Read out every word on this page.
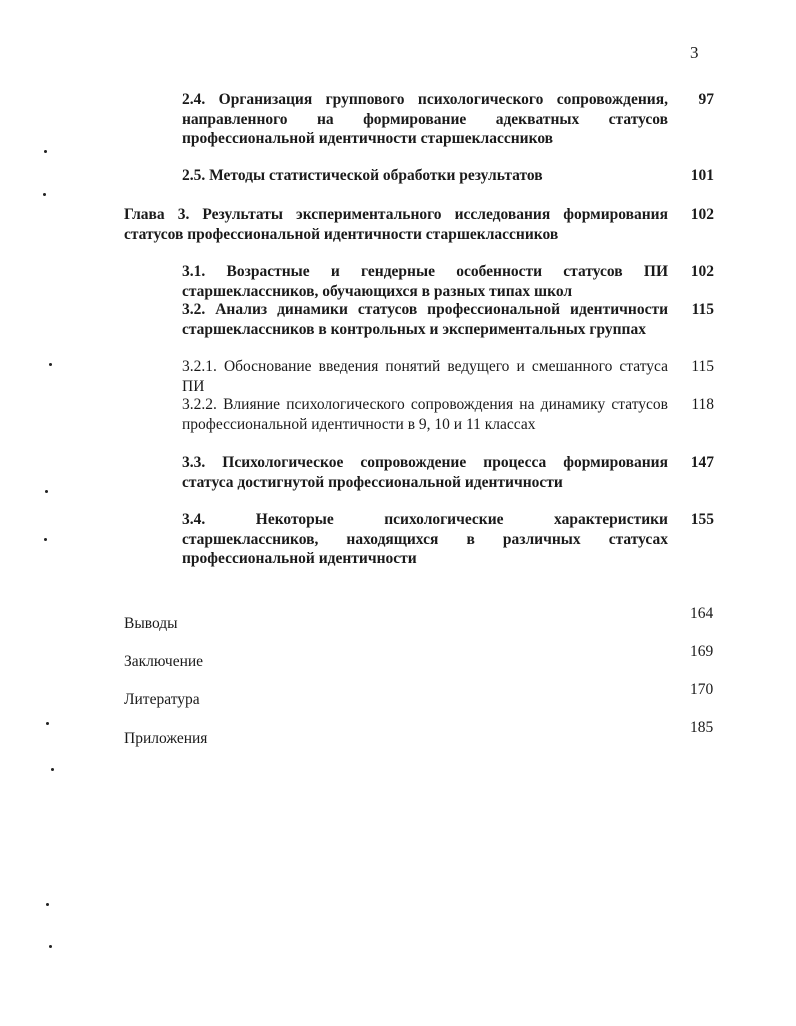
3
2.4. Организация группового психологического сопровождения, направленного на формирование адекватных статусов профессиональной идентичности старшеклассников
97
2.5. Методы статистической обработки результатов	101
Глава 3. Результаты экспериментального исследования формирования статусов профессиональной идентичности старшеклассников
102
3.1. Возрастные и гендерные особенности статусов ПИ старшеклассников, обучающихся в разных типах школ
102
3.2. Анализ динамики статусов профессиональной идентичности старшеклассников в контрольных и экспериментальных группах
115
3.2.1. Обоснование введения понятий ведущего и смешанного статуса ПИ
115
3.2.2. Влияние психологического сопровождения на динамику статусов профессиональной идентичности в 9, 10 и 11 классах
118
3.3. Психологическое сопровождение процесса формирования статуса достигнутой профессиональной идентичности
147
3.4. Некоторые психологические характеристики старшеклассников, находящихся в различных статусах профессиональной идентичности
155
Выводы
164
Заключение
169
Литература
170
Приложения
185
